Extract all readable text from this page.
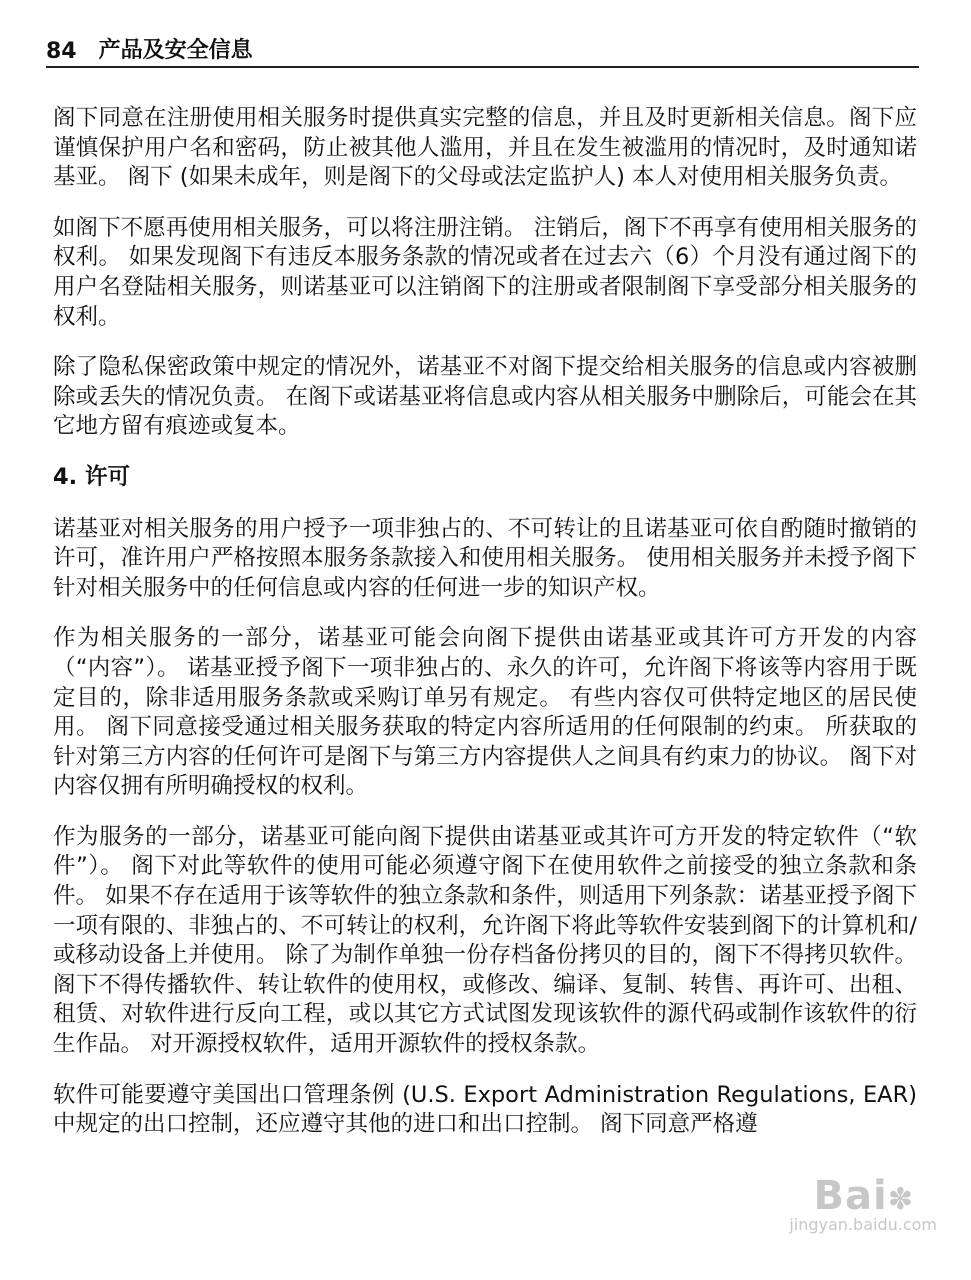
84 产品及安全信息

阁下同意在注册使用相关服务时提供真实完整的信息，并且及时更新相关信息。阁下应谨慎保护用户名和密码，防止被其他人滥用，并且在发生被滥用的情况时，及时通知诺基亚。 阁下 (如果未成年，则是阁下的父母或法定监护人) 本人对使用相关服务负责。

如阁下不愿再使用相关服务，可以将注册注销。 注销后，阁下不再享有使用相关服务的权利。 如果发现阁下有违反本服务条款的情况或者在过去六（6）个月没有通过阁下的用户名登陆相关服务，则诺基亚可以注销阁下的注册或者限制阁下享受部分相关服务的权利。

除了隐私保密政策中规定的情况外，诺基亚不对阁下提交给相关服务的信息或内容被删除或丢失的情况负责。 在阁下或诺基亚将信息或内容从相关服务中删除后，可能会在其它地方留有痕迹或复本。

4. 许可

诺基亚对相关服务的用户授予一项非独占的、不可转让的且诺基亚可依自酌随时撤销的许可，准许用户严格按照本服务条款接入和使用相关服务。 使用相关服务并未授予阁下针对相关服务中的任何信息或内容的任何进一步的知识产权。

作为相关服务的一部分，诺基亚可能会向阁下提供由诺基亚或其许可方开发的内容（“内容”）。 诺基亚授予阁下一项非独占的、永久的许可，允许阁下将该等内容用于既定目的，除非适用服务条款或采购订单另有规定。 有些内容仅可供特定地区的居民使用。 阁下同意接受通过相关服务获取的特定内容所适用的任何限制的约束。 所获取的针对第三方内容的任何许可是阁下与第三方内容提供人之间具有约束力的协议。 阁下对内容仅拥有所明确授权的权利。

作为服务的一部分，诺基亚可能向阁下提供由诺基亚或其许可方开发的特定软件（“软件”）。 阁下对此等软件的使用可能必须遵守阁下在使用软件之前接受的独立条款和条件。 如果不存在适用于该等软件的独立条款和条件，则适用下列条款：诺基亚授予阁下一项有限的、非独占的、不可转让的权利，允许阁下将此等软件安装到阁下的计算机和/或移动设备上并使用。 除了为制作单独一份存档备份拷贝的目的，阁下不得拷贝软件。 阁下不得传播软件、转让软件的使用权，或修改、编译、复制、转售、再许可、出租、租赁、对软件进行反向工程，或以其它方式试图发现该软件的源代码或制作该软件的衍生作品。 对开源授权软件，适用开源软件的授权条款。

软件可能要遵守美国出口管理条例 (U.S. Export Administration Regulations, EAR) 中规定的出口控制，还应遵守其他的进口和出口控制。 阁下同意严格遵

Bai✽
jingyan.baidu.com
